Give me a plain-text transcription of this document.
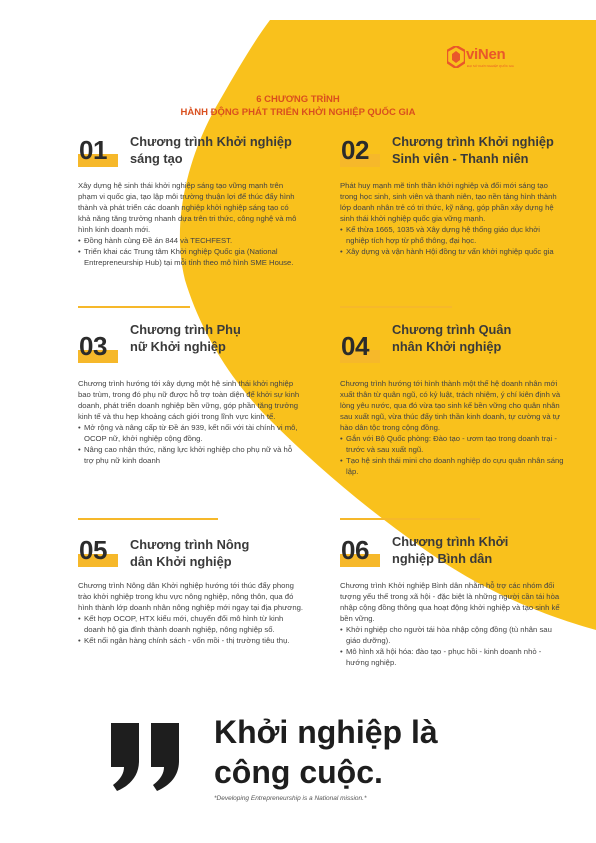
viNen
ĐẠI SỨ KHỞI NGHIỆP QUỐC GIA
6 CHƯƠNG TRÌNH
HÀNH ĐỘNG PHÁT TRIỂN KHỞI NGHIỆP QUỐC GIA
01 Chương trình Khởi nghiệp sáng tạo

Xây dựng hệ sinh thái khởi nghiệp sáng tạo vững mạnh trên phạm vi quốc gia, tạo lập môi trường thuận lợi để thúc đẩy hình thành và phát triển các doanh nghiệp khởi nghiệp sáng tạo có khả năng tăng trưởng nhanh dựa trên tri thức, công nghệ và mô hình kinh doanh mới.

• Đồng hành cùng Đề án 844 và TECHFEST.
• Triển khai các Trung tâm Khởi nghiệp Quốc gia (National Entrepreneurship Hub) tại mỗi tỉnh theo mô hình SME House.
02 Chương trình Khởi nghiệp Sinh viên - Thanh niên

Phát huy mạnh mẽ tinh thần khởi nghiệp và đổi mới sáng tạo trong học sinh, sinh viên và thanh niên, tạo nền tảng hình thành lớp doanh nhân trẻ có tri thức, kỹ năng, góp phần xây dựng hệ sinh thái khởi nghiệp quốc gia vững mạnh.

• Kế thừa 1665, 1035 và Xây dựng hệ thống giáo dục khởi nghiệp tích hợp từ phổ thông, đại học.
• Xây dựng và vận hành Hội đồng tư vấn khởi nghiệp quốc gia
03
Chương trình Phụ nữ Khởi nghiệp

Chương trình hướng tới xây dựng một hệ sinh thái khởi nghiệp bao trùm, trong đó phụ nữ được hỗ trợ toàn diện để khởi sự kinh doanh, phát triển doanh nghiệp bền vững, góp phần tăng trưởng kinh tế và thu hẹp khoảng cách giới trong lĩnh vực kinh tế.

• Mở rộng và nâng cấp từ Đề án 939, kết nối với tài chính vi mô, OCOP nữ, khởi nghiệp cộng đồng.
• Nâng cao nhận thức, năng lực khởi nghiệp cho phụ nữ và hỗ trợ phụ nữ kinh doanh
04
Chương trình Quân nhân Khởi nghiệp

Chương trình hướng tới hình thành một thế hệ doanh nhân mới xuất thân từ quân ngũ, có kỷ luật, trách nhiệm, ý chí kiên định và lòng yêu nước, qua đó vừa tạo sinh kế bền vững cho quân nhân sau xuất ngũ, vừa thúc đẩy tinh thần kinh doanh, tự cường và tự hào dân tộc trong cộng đồng.

• Gắn với Bộ Quốc phòng: Đào tạo - ươm tạo trong doanh trại - trước và sau xuất ngũ.
• Tạo hệ sinh thái mini cho doanh nghiệp do cựu quân nhân sáng lập.
05 Chương trình Nông dân Khởi nghiệp

Chương trình Nông dân Khởi nghiệp hướng tới thúc đẩy phong trào khởi nghiệp trong khu vực nông nghiệp, nông thôn, qua đó hình thành lớp doanh nhân nông nghiệp mới ngay tại địa phương.

• Kết hợp OCOP, HTX kiểu mới, chuyển đổi mô hình từ kinh doanh hộ gia đình thành doanh nghiệp, nông nghiệp số.
• Kết nối ngân hàng chính sách - vốn mồi - thị trường tiêu thụ.
06 Chương trình Khởi nghiệp Bình dân

Chương trình Khởi nghiệp Bình dân nhằm hỗ trợ các nhóm đối tượng yếu thế trong xã hội - đặc biệt là những người cần tái hòa nhập cộng đồng thông qua hoạt động khởi nghiệp và tạo sinh kế bền vững.

• Khởi nghiệp cho người tái hòa nhập cộng đồng (tù nhân sau giáo dưỡng).
• Mô hình xã hội hóa: đào tạo - phục hồi - kinh doanh nhỏ - hướng nghiệp.
Khởi nghiệp là
công cuộc.
*Developing Entrepreneurship is a National mission.*
